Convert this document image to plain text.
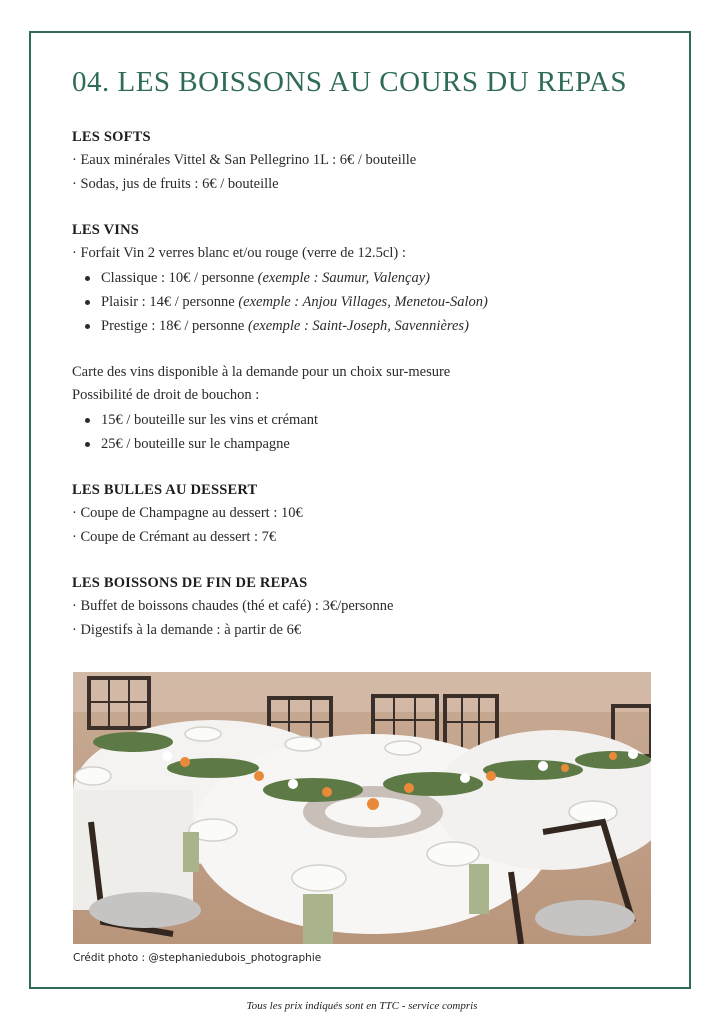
04. LES BOISSONS AU COURS DU REPAS
LES SOFTS
· Eaux minérales Vittel & San Pellegrino 1L : 6€ / bouteille
· Sodas, jus de fruits : 6€ / bouteille
LES VINS
· Forfait Vin 2 verres blanc et/ou rouge (verre de 12.5cl) :
Classique : 10€ / personne (exemple : Saumur, Valençay)
Plaisir : 14€ / personne (exemple : Anjou Villages, Menetou-Salon)
Prestige : 18€ / personne (exemple : Saint-Joseph, Savennières)
Carte des vins disponible à la demande pour un choix sur-mesure
Possibilité de droit de bouchon :
15€ / bouteille sur les vins et crémant
25€ / bouteille sur le champagne
LES BULLES AU DESSERT
· Coupe de Champagne au dessert : 10€
· Coupe de Crémant au dessert : 7€
LES BOISSONS DE FIN DE REPAS
· Buffet de boissons chaudes (thé et café) : 3€/personne
· Digestifs à la demande : à partir de 6€
Crédit photo : @stephaniedubois_photographie
Tous les prix indiqués sont en TTC - service compris
